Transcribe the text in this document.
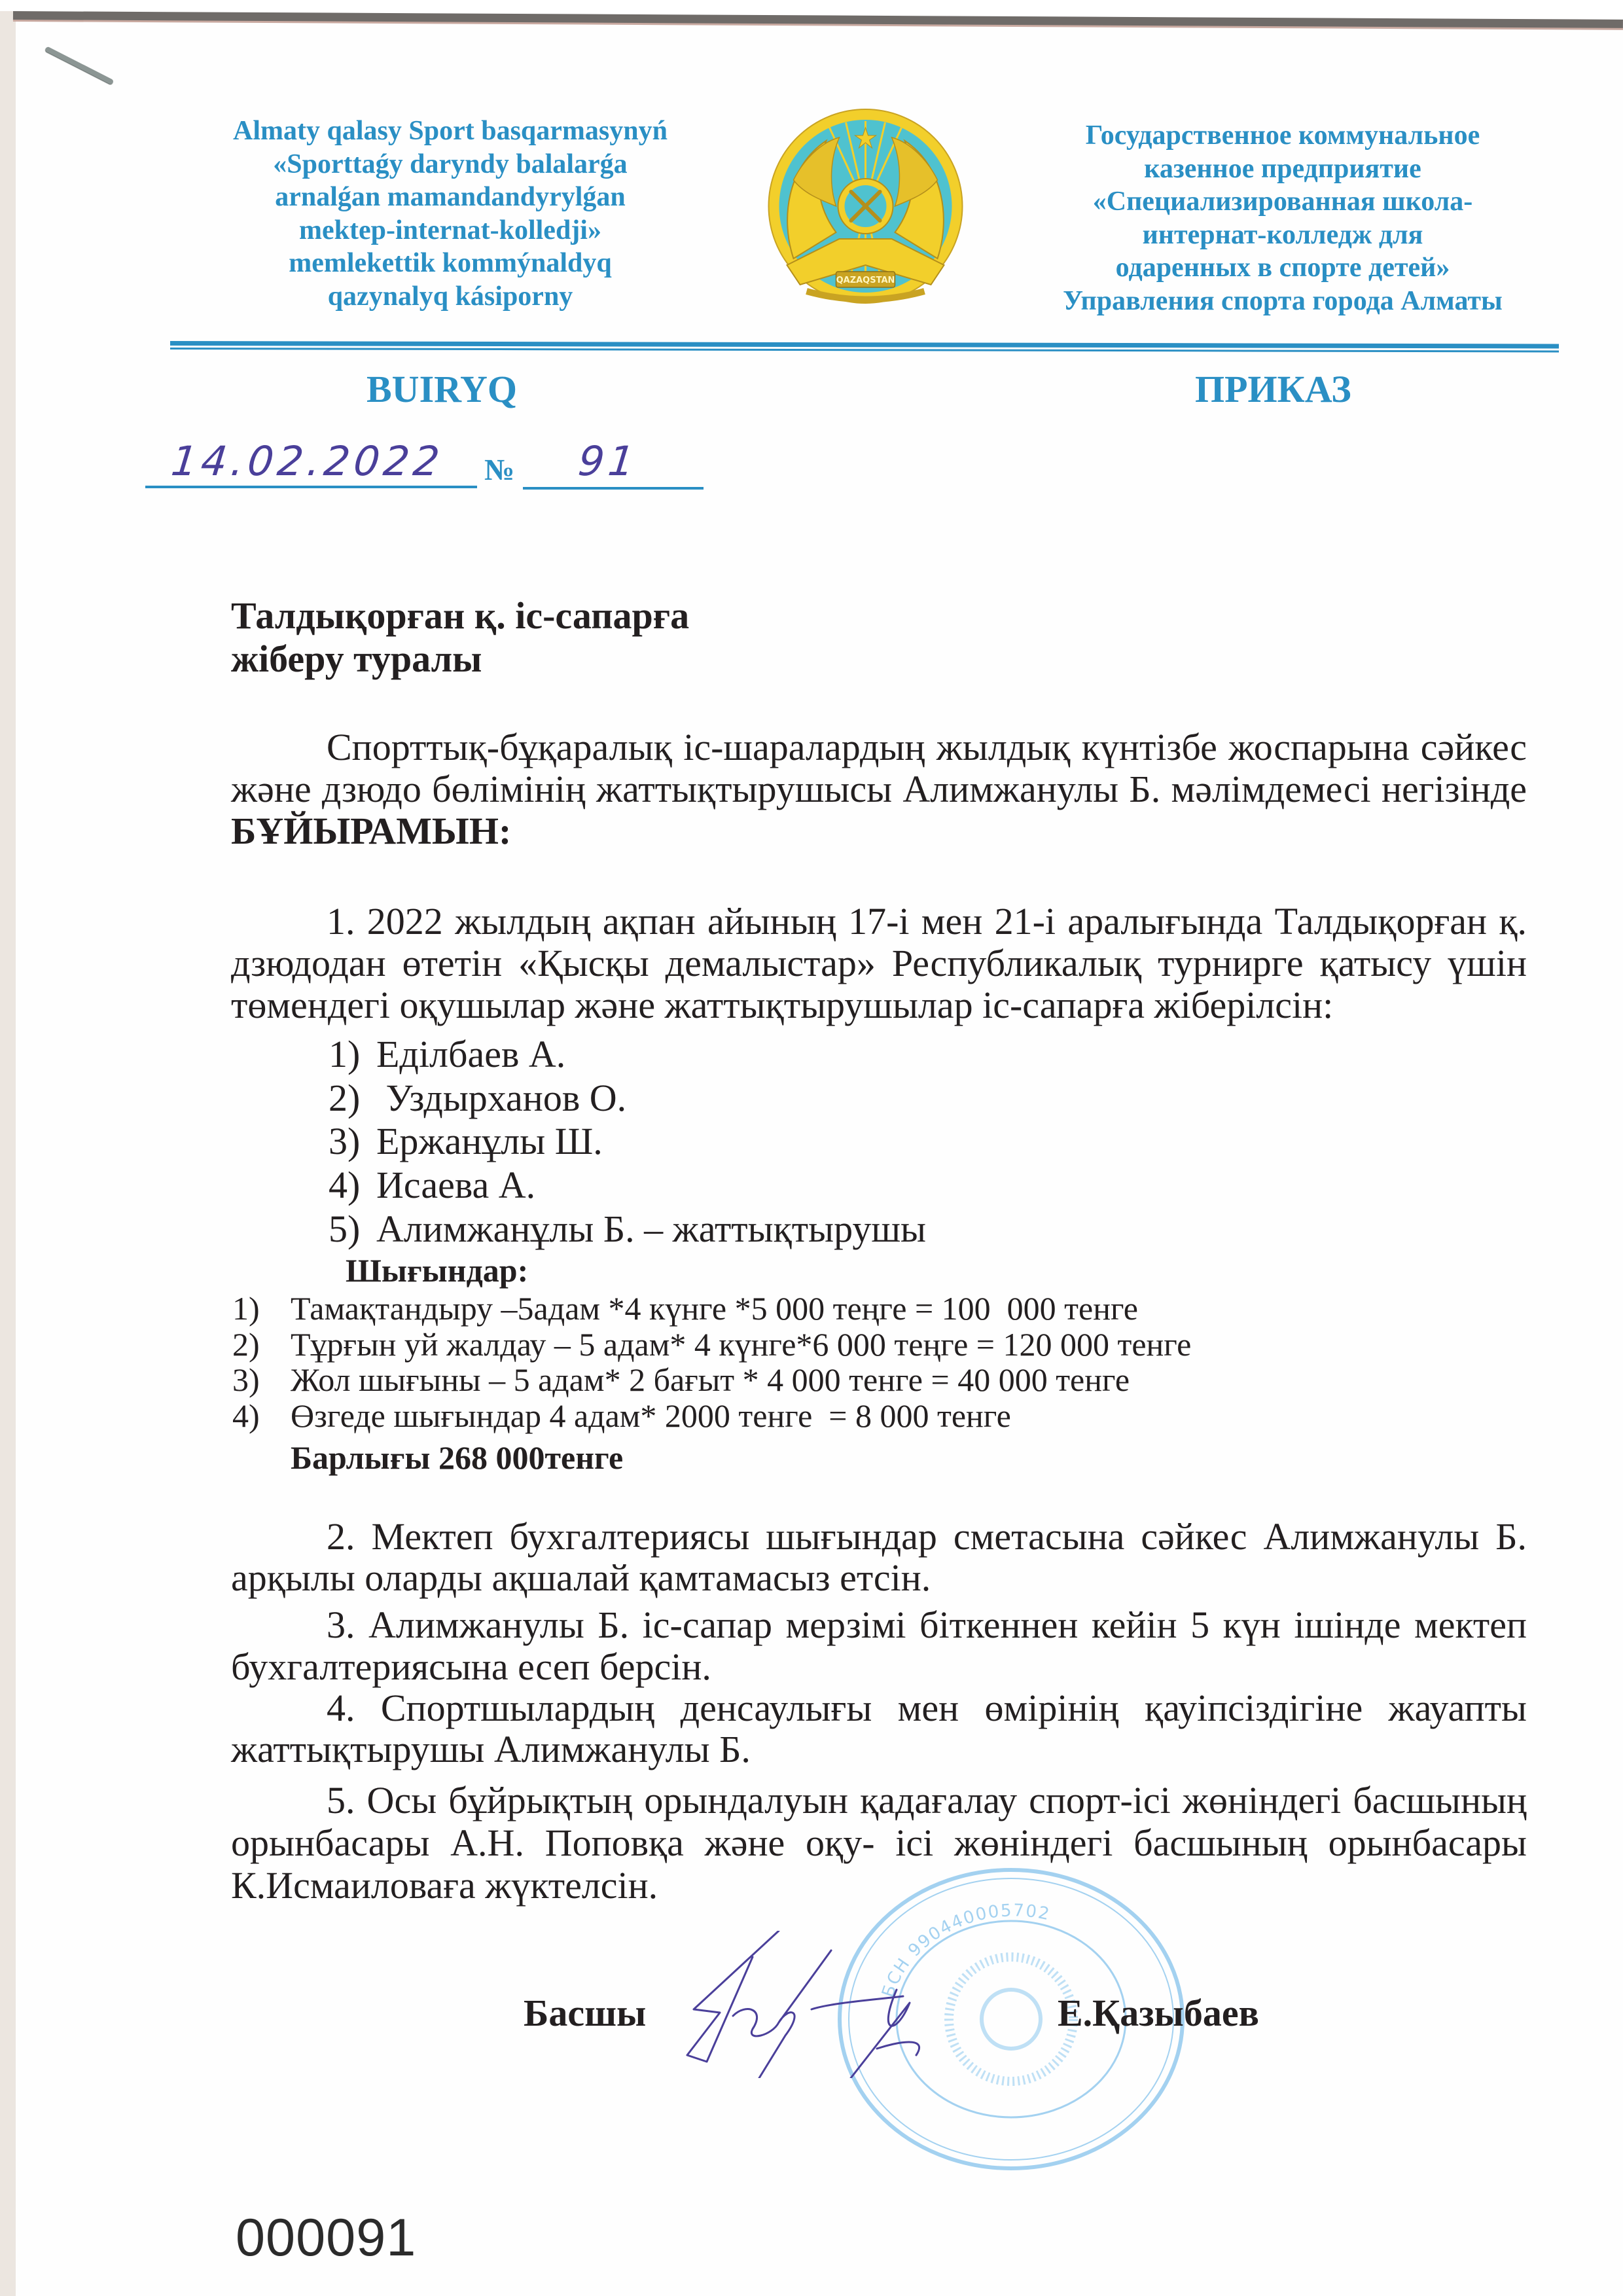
Almaty qalasy Sport basqarmasynyń
«Sporttaǵy daryndy balalarǵa
arnalǵan mamandandyrylǵan
mektep-internat-kolledji»
memlekettik kommýnaldyq
qazynalyq kásiporny
QAZAQSTAN
Государственное коммунальное
казенное предприятие
«Специализированная школа-
интернат-колледж для
одаренных в спорте детей»
Управления спорта города Алматы
BUIRYQ	ПРИКАЗ
14.02.2022 № 91
Талдықорған қ. іс-сапарға
жіберу туралы
Спорттық-бұқаралық іс-шаралардың жылдық күнтізбе жоспарына сәйкес және дзюдо бөлімінің жаттықтырушысы Алимжанулы Б. мәлімдемесі негізінде БҰЙЫРАМЫН:
1. 2022 жылдың ақпан айының 17-і мен 21-і аралығында Талдықорған қ. дзюдодан өтетін «Қысқы демалыстар» Республикалық турнирге қатысу үшін төмендегі оқушылар және жаттықтырушылар іс-сапарға жіберілсін:
1) Еділбаев А.
2) Уздырханов О.
3) Ержанұлы Ш.
4) Исаева А.
5) Алимжанұлы Б. – жаттықтырушы
Шығындар:
1) Тамақтандыру –5адам *4 күнге *5 000 теңге = 100  000 тенге
2) Тұрғын уй жалдау – 5 адам* 4 күнге*6 000 теңге = 120 000 тенге
3) Жол шығыны – 5 адам* 2 бағыт * 4 000 тенге = 40 000 тенге
4) Өзгеде шығындар 4 адам* 2000 тенге  = 8 000 тенге
Барлығы 268 000тенге
2. Мектеп бухгалтериясы шығындар сметасына сәйкес Алимжанулы Б. арқылы оларды ақшалай қамтамасыз етсін.
3. Алимжанулы Б. іс-сапар мерзімі біткеннен кейін 5 күн ішінде мектеп бухгалтериясына есеп берсін.
4. Спортшылардың денсаулығы мен өмірінің қауіпсіздігіне жауапты жаттықтырушы Алимжанулы Б.
5. Осы бұйрықтың орындалуын қадағалау спорт-ісі жөніндегі басшының орынбасары А.Н. Поповқа және оқу- ісі жөніндегі басшының орынбасары К.Исмаиловаға жүктелсін.
БСН 990440005702
Басшы	Е.Қазыбаев
000091
